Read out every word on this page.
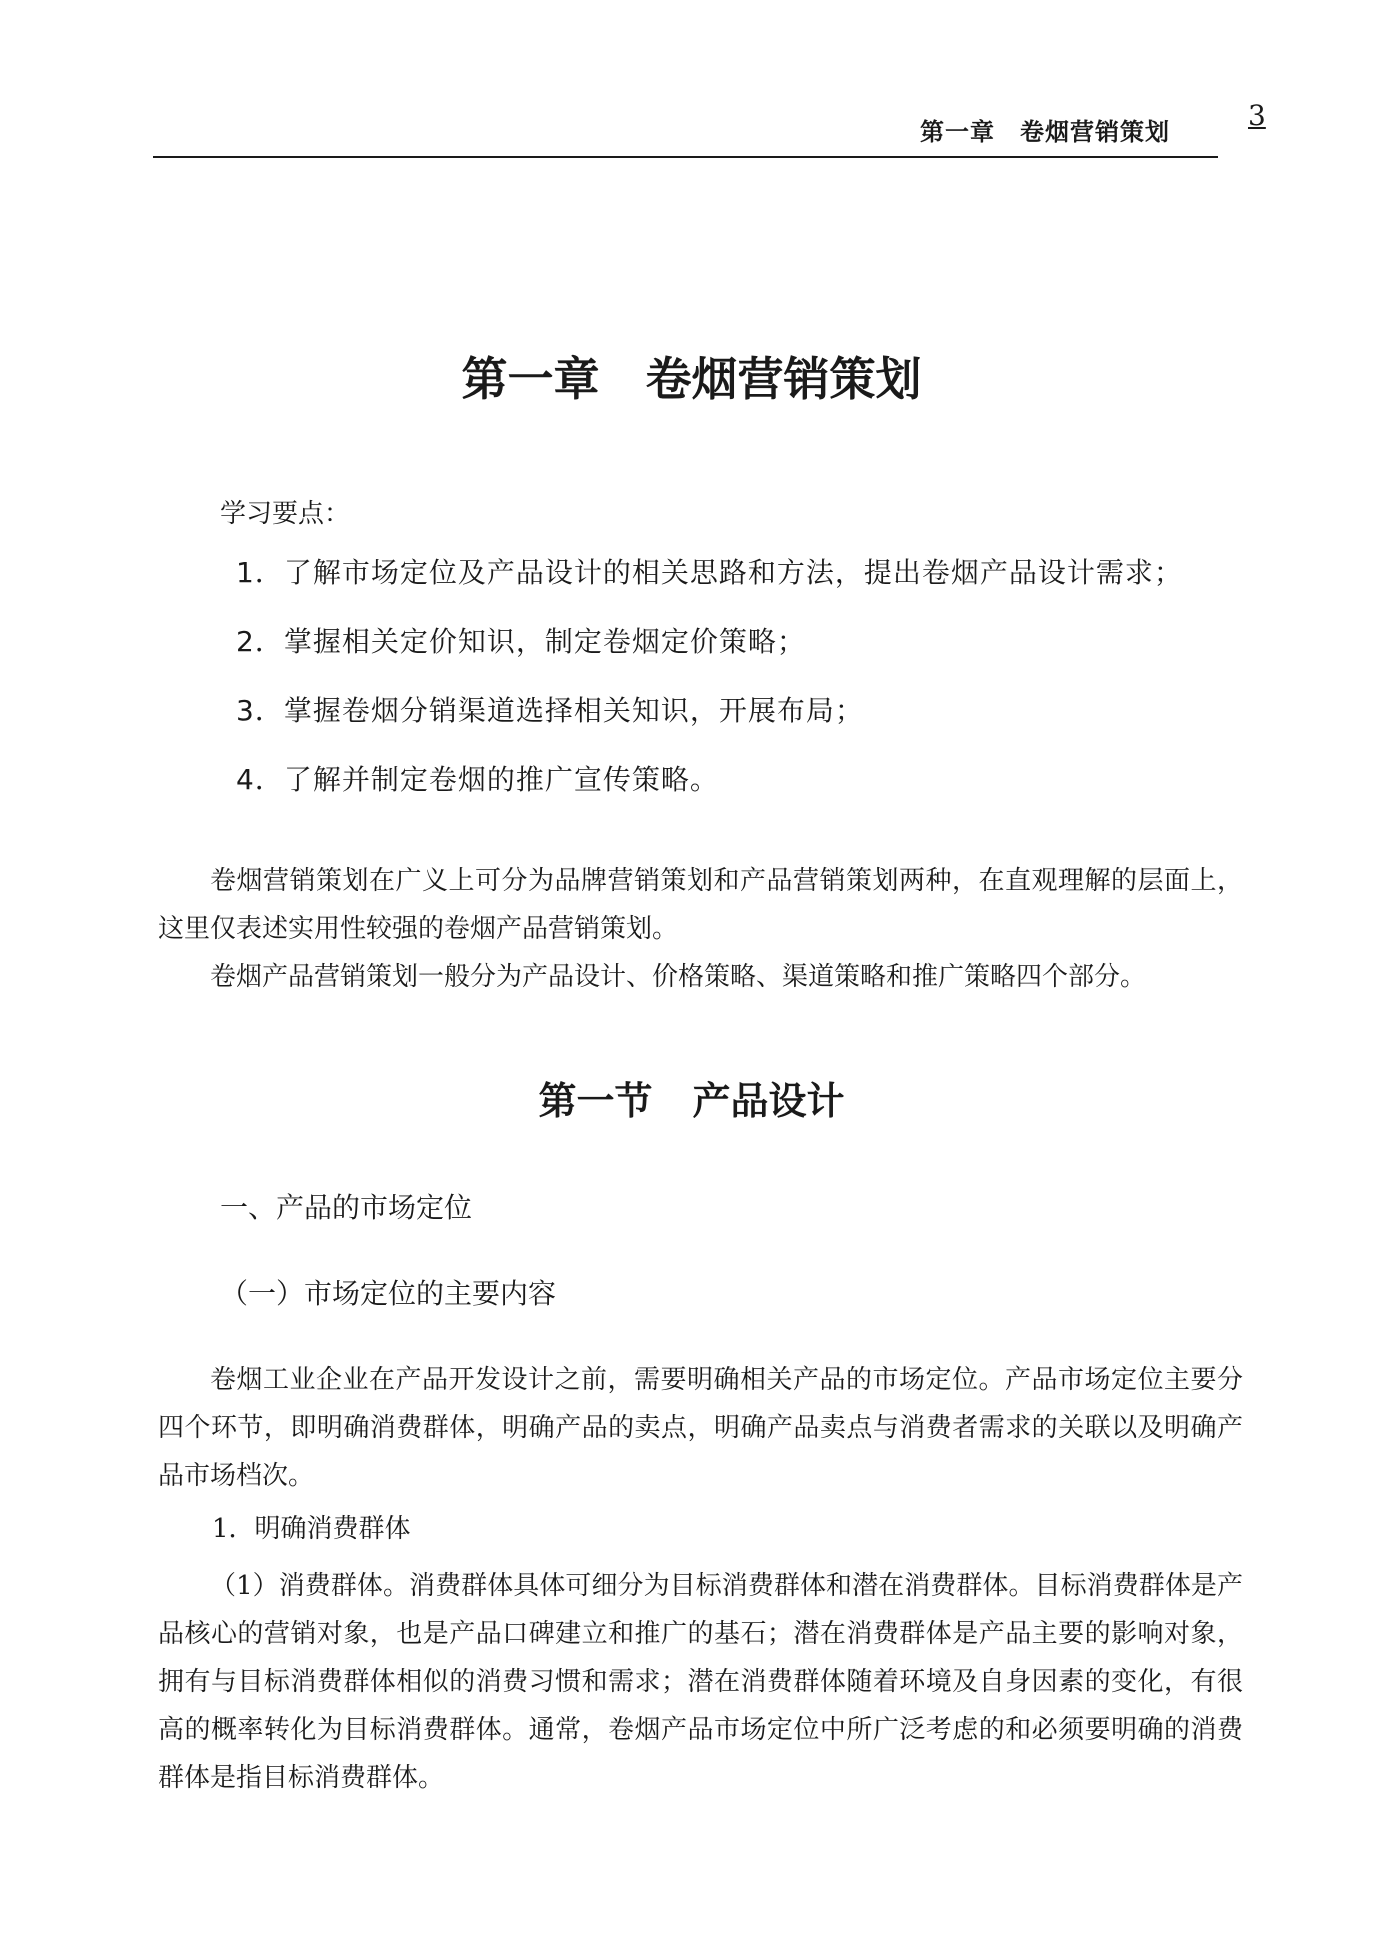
第一章　卷烟营销策划	3
第一章 卷烟营销策划
学习要点：
1．了解市场定位及产品设计的相关思路和方法，提出卷烟产品设计需求；
2．掌握相关定价知识，制定卷烟定价策略；
3．掌握卷烟分销渠道选择相关知识，开展布局；
4．了解并制定卷烟的推广宣传策略。

卷烟营销策划在广义上可分为品牌营销策划和产品营销策划两种，在直观理解的层面上，这里仅表述实用性较强的卷烟产品营销策划。

卷烟产品营销策划一般分为产品设计、价格策略、渠道策略和推广策略四个部分。

第一节 产品设计
一、产品的市场定位
（一）市场定位的主要内容

卷烟工业企业在产品开发设计之前，需要明确相关产品的市场定位。产品市场定位主要分四个环节，即明确消费群体，明确产品的卖点，明确产品卖点与消费者需求的关联以及明确产品市场档次。

1．明确消费群体

（1）消费群体。消费群体具体可细分为目标消费群体和潜在消费群体。目标消费群体是产品核心的营销对象，也是产品口碑建立和推广的基石；潜在消费群体是产品主要的影响对象，拥有与目标消费群体相似的消费习惯和需求；潜在消费群体随着环境及自身因素的变化，有很高的概率转化为目标消费群体。通常，卷烟产品市场定位中所广泛考虑的和必须要明确的消费群体是指目标消费群体。
